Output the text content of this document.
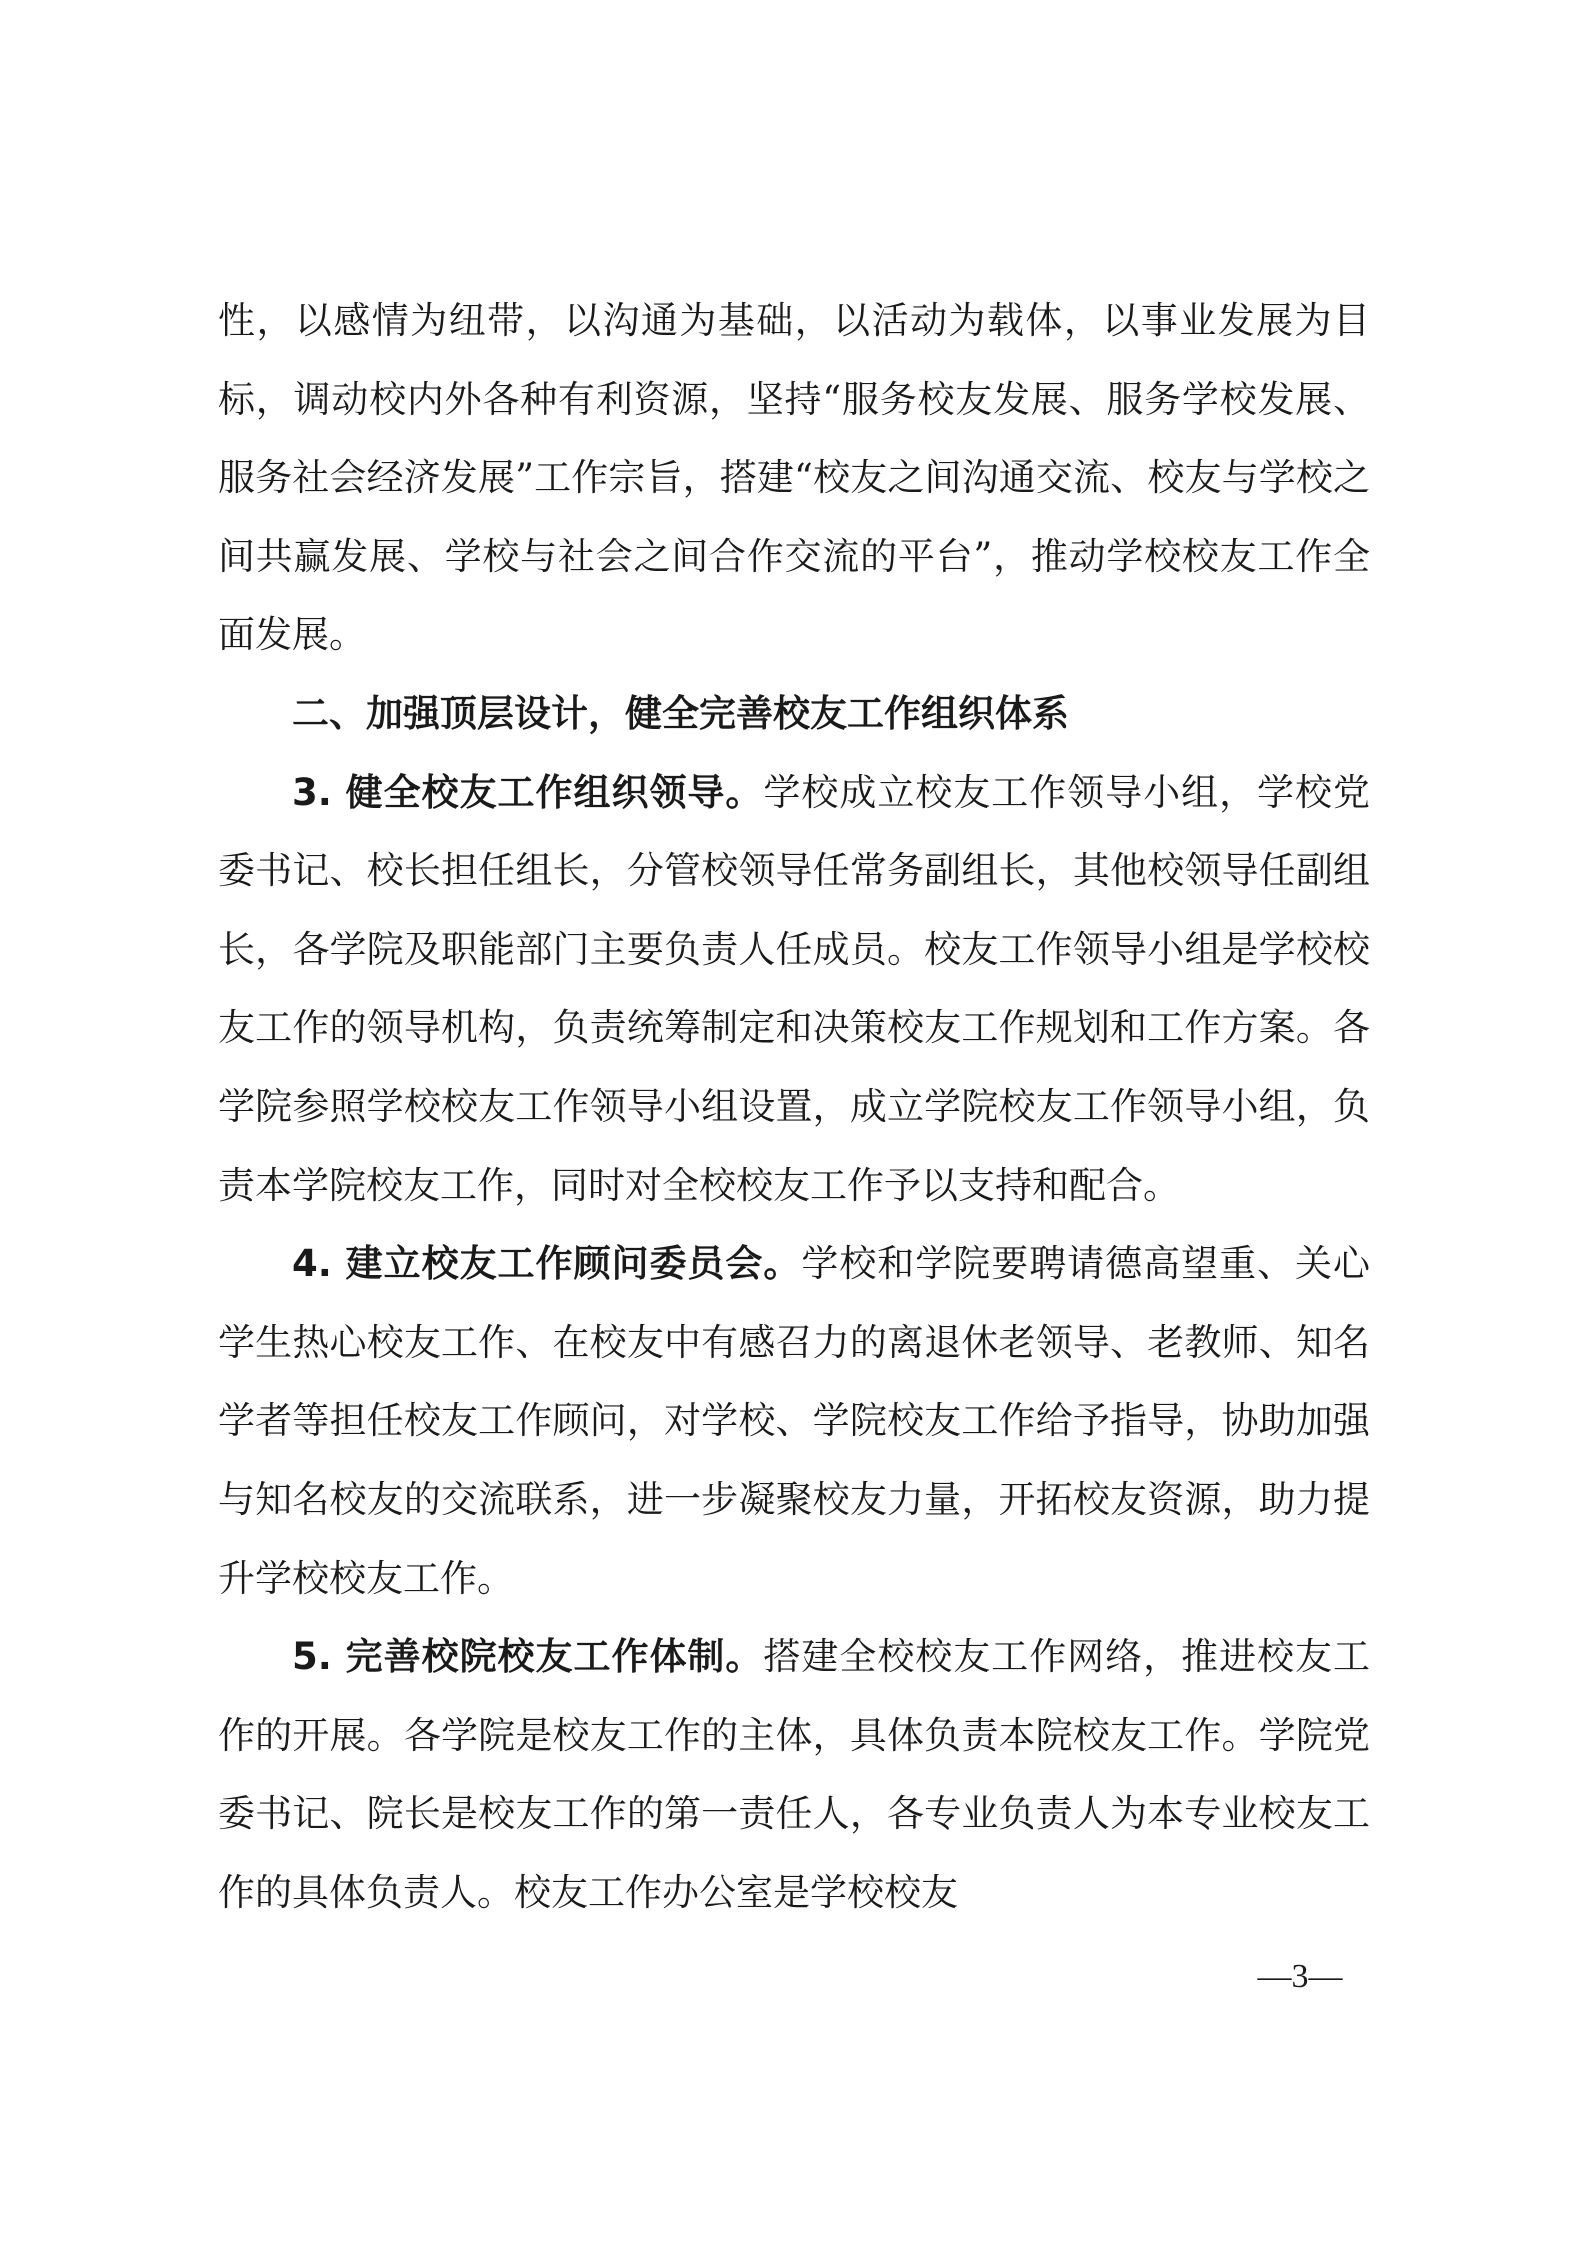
性，以感情为纽带，以沟通为基础，以活动为载体，以事业发展为目标，调动校内外各种有利资源，坚持“服务校友发展、服务学校发展、服务社会经济发展”工作宗旨，搭建“校友之间沟通交流、校友与学校之间共赢发展、学校与社会之间合作交流的平台”，推动学校校友工作全面发展。

二、加强顶层设计，健全完善校友工作组织体系

3. 健全校友工作组织领导。学校成立校友工作领导小组，学校党委书记、校长担任组长，分管校领导任常务副组长，其他校领导任副组长，各学院及职能部门主要负责人任成员。校友工作领导小组是学校校友工作的领导机构，负责统筹制定和决策校友工作规划和工作方案。各学院参照学校校友工作领导小组设置，成立学院校友工作领导小组，负责本学院校友工作，同时对全校校友工作予以支持和配合。

4. 建立校友工作顾问委员会。学校和学院要聘请德高望重、关心学生热心校友工作、在校友中有感召力的离退休老领导、老教师、知名学者等担任校友工作顾问，对学校、学院校友工作给予指导，协助加强与知名校友的交流联系，进一步凝聚校友力量，开拓校友资源，助力提升学校校友工作。

5. 完善校院校友工作体制。搭建全校校友工作网络，推进校友工作的开展。各学院是校友工作的主体，具体负责本院校友工作。学院党委书记、院长是校友工作的第一责任人，各专业负责人为本专业校友工作的具体负责人。校友工作办公室是学校校友

—3—
